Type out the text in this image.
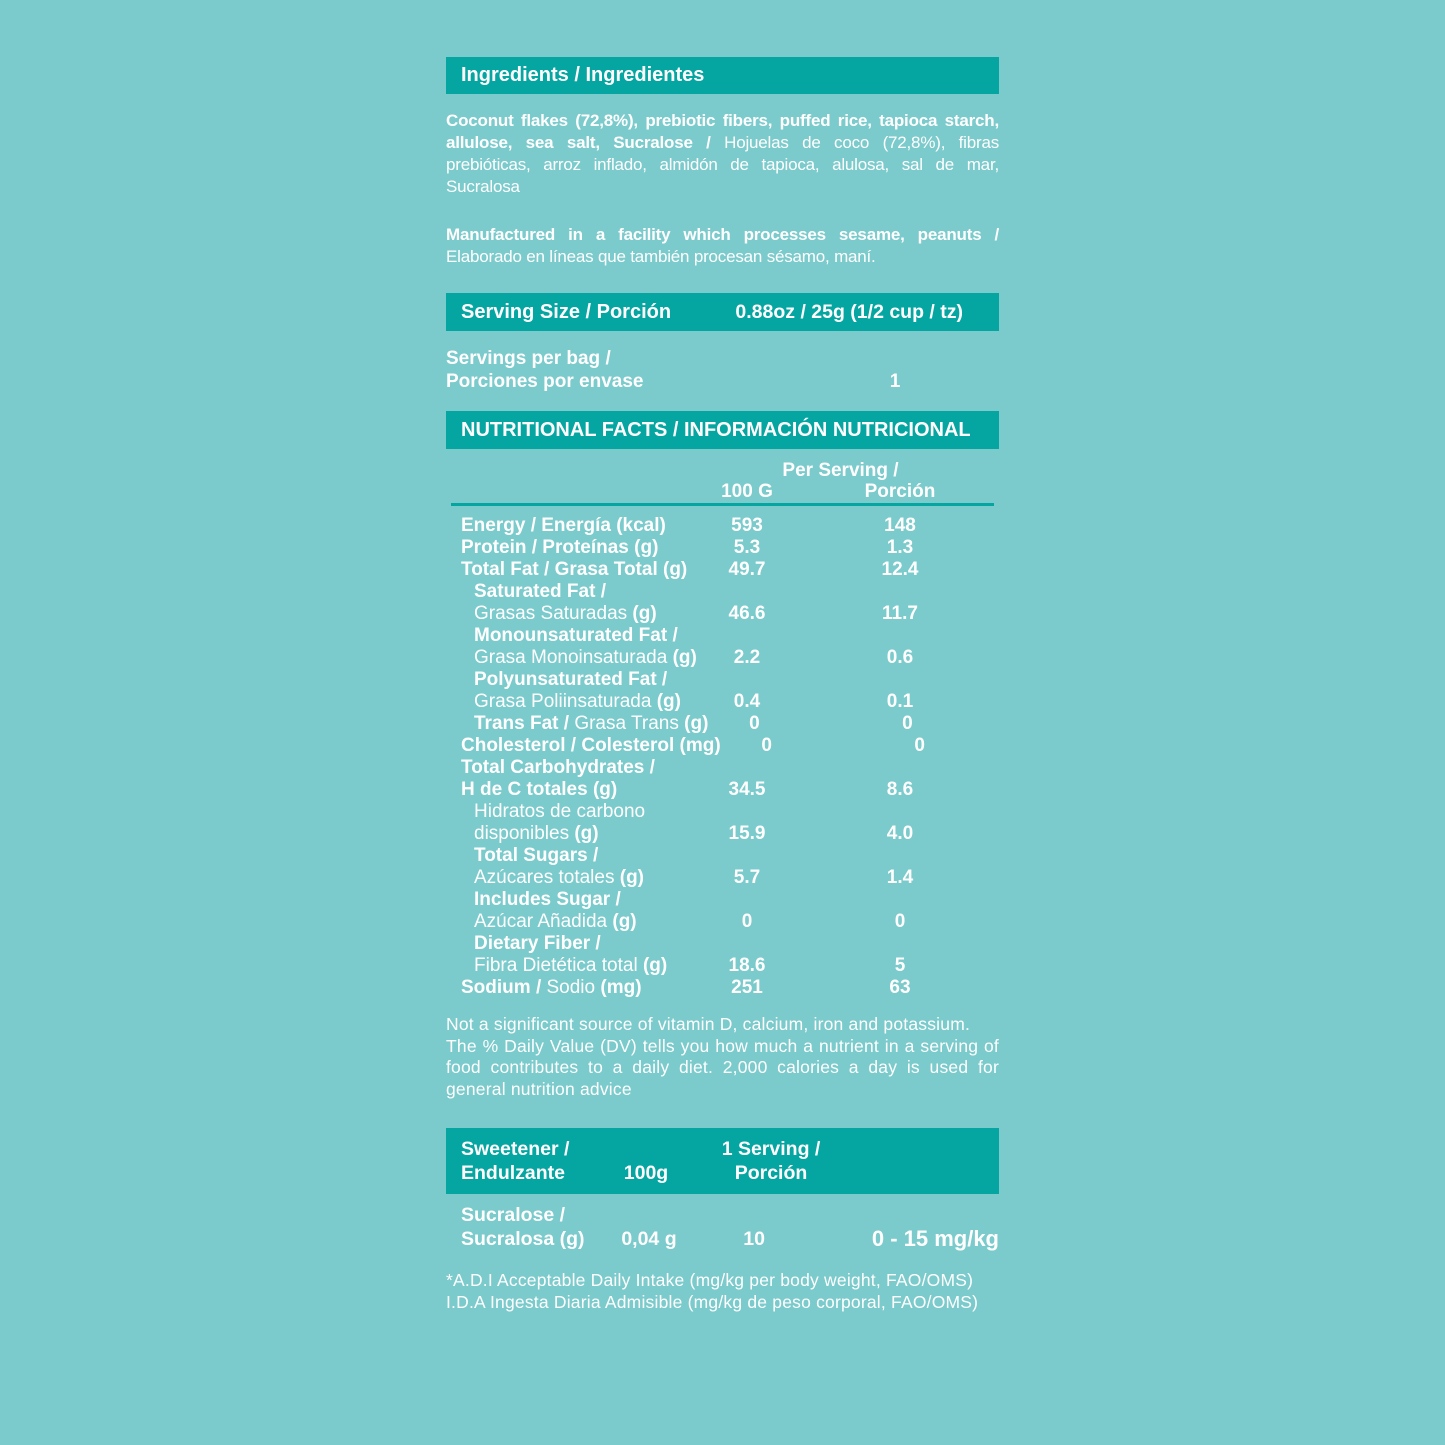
Ingredients / Ingredientes

Coconut flakes (72,8%), prebiotic fibers, puffed rice, tapioca starch, allulose, sea salt, Sucralose / Hojuelas de coco (72,8%), fibras prebióticas, arroz inflado, almidón de tapioca, alulosa, sal de mar, Sucralosa

Manufactured in a facility which processes sesame, peanuts / Elaborado en líneas que también procesan sésamo, maní.

Serving Size / Porción	0.88oz / 25g (1/2 cup / tz)
Servings per bag /
Porciones por envase	1
NUTRITIONAL FACTS / INFORMACIÓN NUTRICIONAL
Per Serving /
100 G	Porción
Energy / Energía (kcal)	593	148
Protein / Proteínas (g)	5.3	1.3
Total Fat / Grasa Total (g)	49.7	12.4
Saturated Fat /
Grasas Saturadas (g)	46.6	11.7
Monounsaturated Fat /
Grasa Monoinsaturada (g)	2.2	0.6
Polyunsaturated Fat /
Grasa Poliinsaturada (g)	0.4	0.1
Trans Fat / Grasa Trans (g)	0	0
Cholesterol / Colesterol (mg)	0	0
Total Carbohydrates /
H de C totales (g)	34.5	8.6
Hidratos de carbono
disponibles (g)	15.9	4.0
Total Sugars /
Azúcares totales (g)	5.7	1.4
Includes Sugar /
Azúcar Añadida (g)	0	0
Dietary Fiber /
Fibra Dietética total (g)	18.6	5
Sodium / Sodio (mg)	251	63

Not a significant source of vitamin D, calcium, iron and potassium.

The % Daily Value (DV) tells you how much a nutrient in a serving of food contributes to a daily diet. 2,000 calories a day is used for general nutrition advice

Sweetener /
Endulzante	100g
1 Serving /
Porción
Sucralose /
Sucralosa (g)	0,04 g	10	0 - 15 mg/kg

*A.D.I Acceptable Daily Intake (mg/kg per body weight, FAO/OMS)

I.D.A Ingesta Diaria Admisible (mg/kg de peso corporal, FAO/OMS)
